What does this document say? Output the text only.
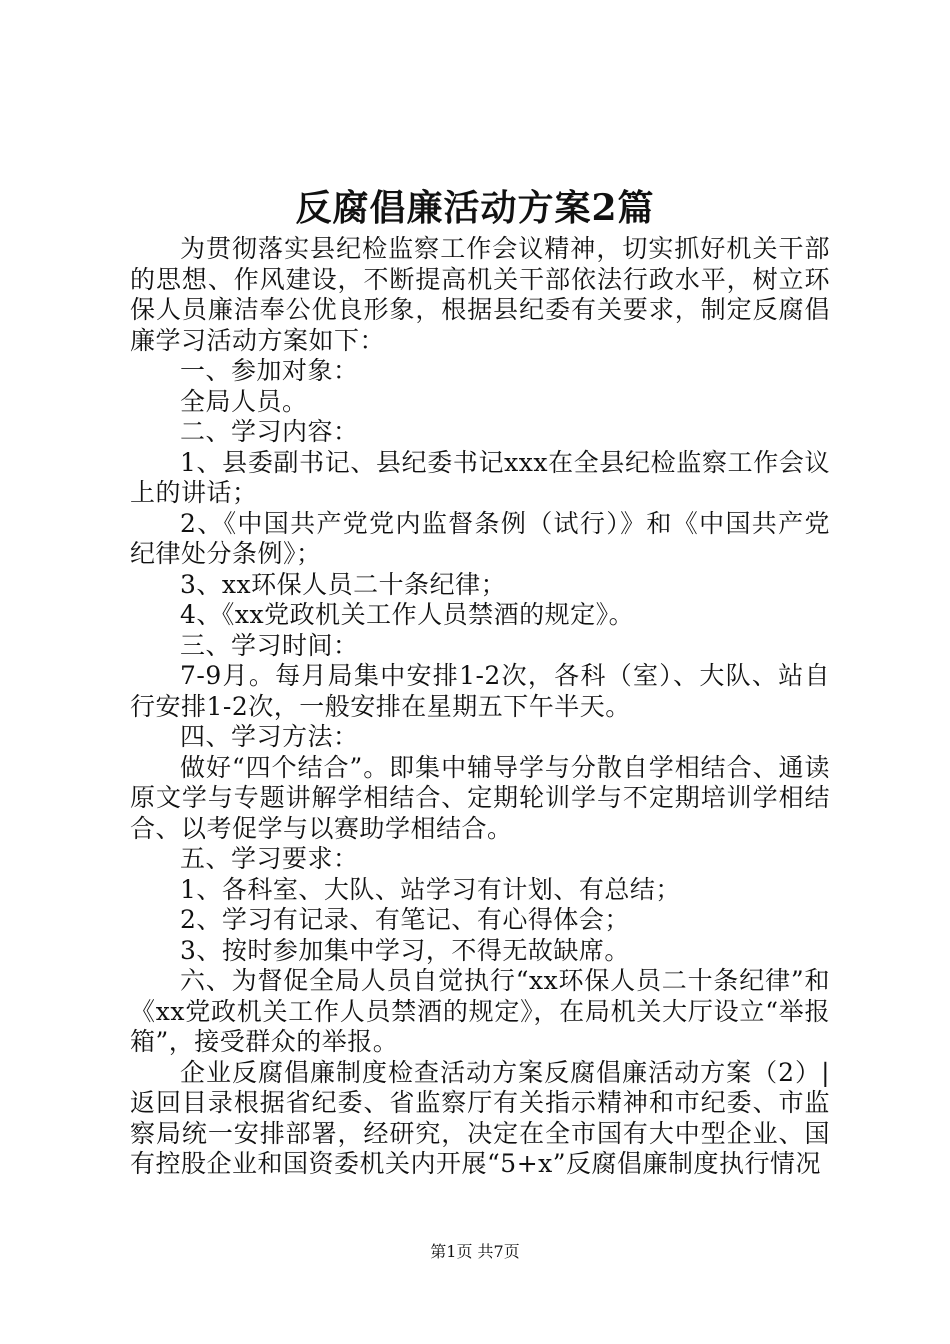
反腐倡廉活动方案2篇

为贯彻落实县纪检监察工作会议精神，切实抓好机关干部的思想、作风建设，不断提高机关干部依法行政水平，树立环保人员廉洁奉公优良形象，根据县纪委有关要求，制定反腐倡廉学习活动方案如下：

一、参加对象：

全局人员。

二、学习内容：

1、县委副书记、县纪委书记xxx在全县纪检监察工作会议上的讲话；

2、《中国共产党党内监督条例（试行）》和《中国共产党纪律处分条例》；

3、xx环保人员二十条纪律；

4、《xx党政机关工作人员禁酒的规定》。

三、学习时间：

7-9月。每月局集中安排1-2次，各科（室）、大队、站自行安排1-2次，一般安排在星期五下午半天。

四、学习方法：

做好“四个结合”。即集中辅导学与分散自学相结合、通读原文学与专题讲解学相结合、定期轮训学与不定期培训学相结合、以考促学与以赛助学相结合。

五、学习要求：

1、各科室、大队、站学习有计划、有总结；

2、学习有记录、有笔记、有心得体会；

3、按时参加集中学习，不得无故缺席。

六、为督促全局人员自觉执行“xx环保人员二十条纪律”和《xx党政机关工作人员禁酒的规定》，在局机关大厅设立“举报箱”，接受群众的举报。

企业反腐倡廉制度检查活动方案反腐倡廉活动方案（2）|返回目录根据省纪委、省监察厅有关指示精神和市纪委、市监察局统一安排部署，经研究，决定在全市国有大中型企业、国有控股企业和国资委机关内开展“5+x”反腐倡廉制度执行情况

第1页 共7页
